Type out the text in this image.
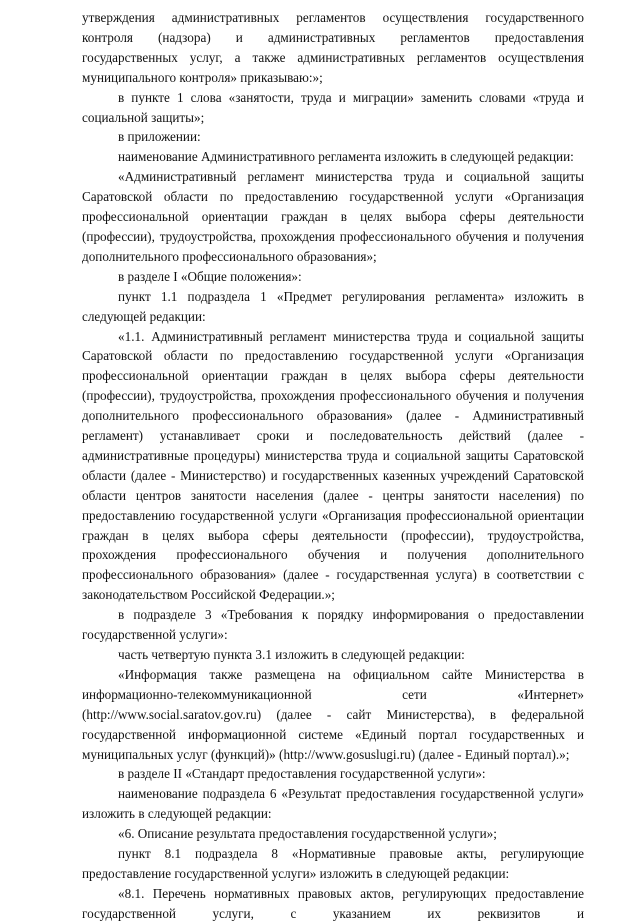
утверждения административных регламентов осуществления государственного
контроля (надзора) и административных регламентов предоставления
государственных услуг, а также административных регламентов осуществления
муниципального контроля» приказываю:»;

в пункте 1 слова «занятости, труда и миграции» заменить словами «труда и социальной защиты»;

в приложении:

наименование Административного регламента изложить в следующей редакции:

«Административный регламент министерства труда и социальной защиты Саратовской области по предоставлению государственной услуги «Организация профессиональной ориентации граждан в целях выбора сферы деятельности (профессии), трудоустройства, прохождения профессионального обучения и получения дополнительного профессионального образования»;

в разделе I «Общие положения»:

пункт 1.1 подраздела 1 «Предмет регулирования регламента» изложить в следующей редакции:

«1.1. Административный регламент министерства труда и социальной защиты Саратовской области по предоставлению государственной услуги «Организация профессиональной ориентации граждан в целях выбора сферы деятельности (профессии), трудоустройства, прохождения профессионального обучения и получения дополнительного профессионального образования» (далее - Административный регламент) устанавливает сроки и последовательность действий (далее - административные процедуры) министерства труда и социальной защиты Саратовской области (далее - Министерство) и государственных казенных учреждений Саратовской области центров занятости населения (далее - центры занятости населения) по предоставлению государственной услуги «Организация профессиональной ориентации граждан в целях выбора сферы деятельности (профессии), трудоустройства, прохождения профессионального обучения и получения дополнительного профессионального образования» (далее - государственная услуга) в соответствии с законодательством Российской Федерации.»;

в подразделе 3 «Требования к порядку информирования о предоставлении государственной услуги»:

часть четвертую пункта 3.1 изложить в следующей редакции:

«Информация также размещена на официальном сайте Министерства в информационно-телекоммуникационной сети «Интернет» (http://www.social.saratov.gov.ru) (далее - сайт Министерства), в федеральной государственной информационной системе «Единый портал государственных и муниципальных услуг (функций)» (http://www.gosuslugi.ru) (далее - Единый портал).»;

в разделе II «Стандарт предоставления государственной услуги»:

наименование подраздела 6 «Результат предоставления государственной услуги» изложить в следующей редакции:

«6. Описание результата предоставления государственной услуги»;

пункт 8.1 подраздела 8 «Нормативные правовые акты, регулирующие предоставление государственной услуги» изложить в следующей редакции:

«8.1. Перечень нормативных правовых актов, регулирующих предоставление государственной услуги, с указанием их реквизитов и
